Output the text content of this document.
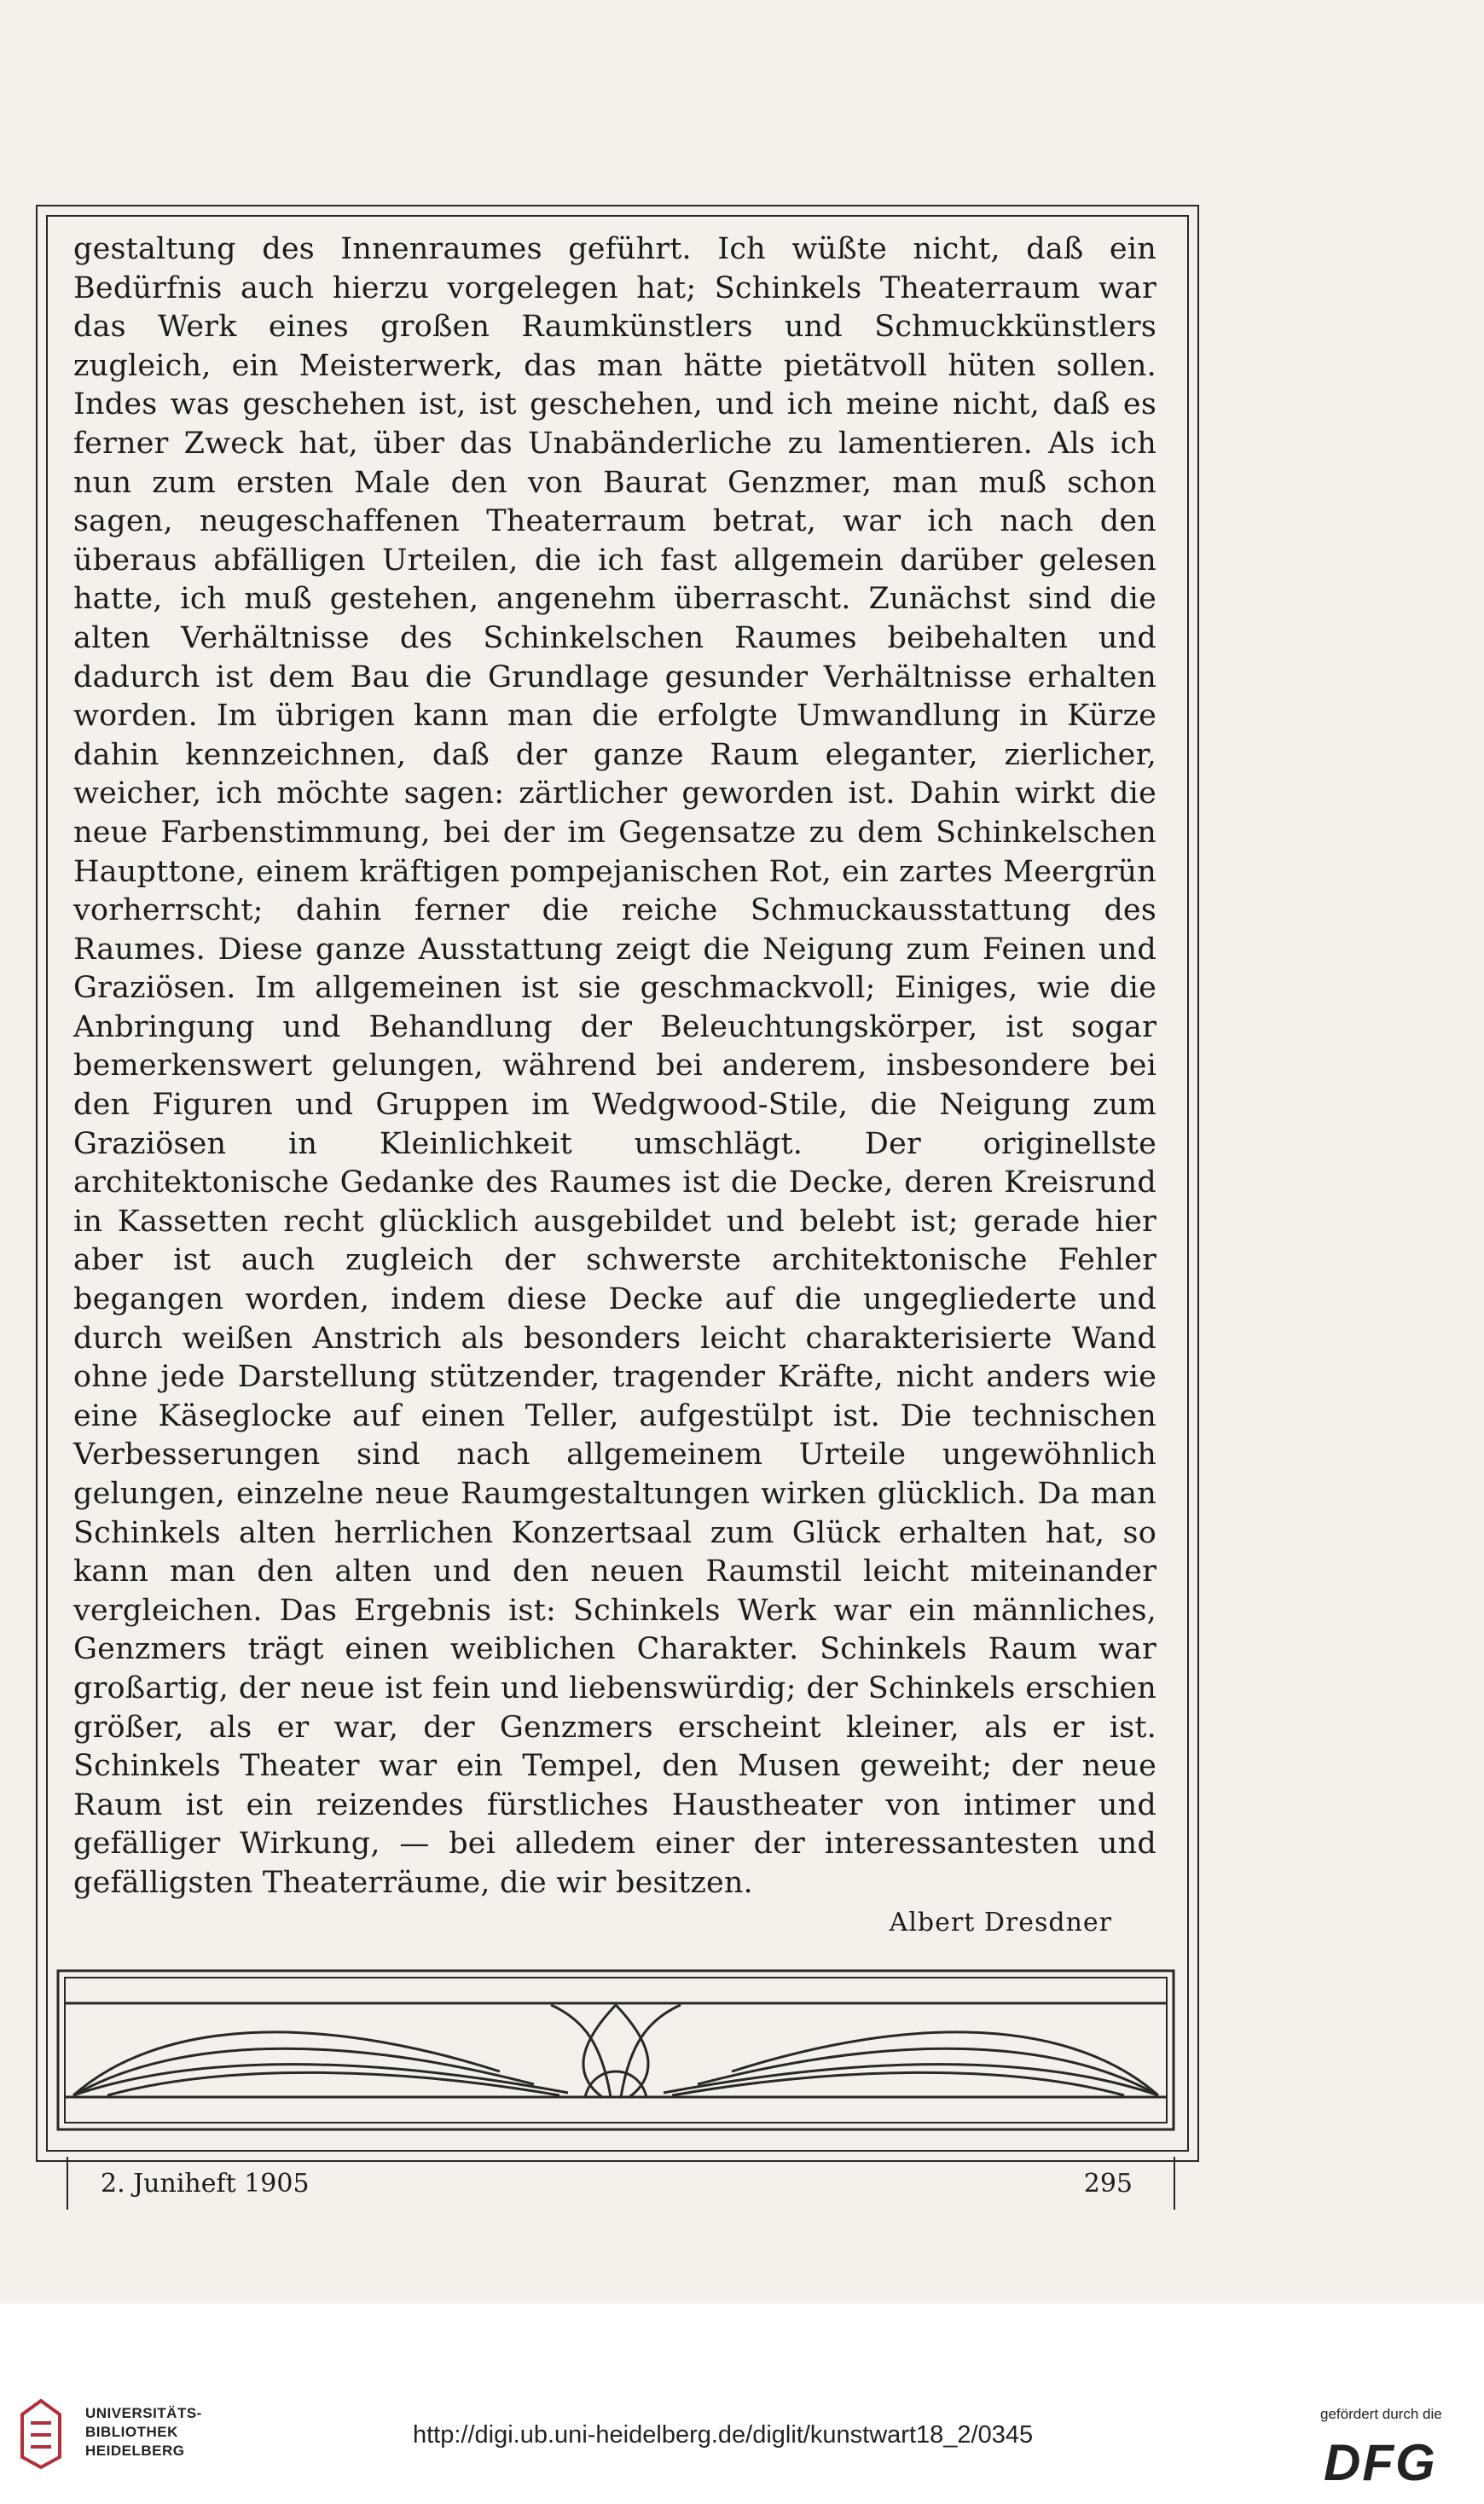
gestaltung des Innenraumes geführt. Ich wüßte nicht, daß ein Bedürfnis auch hierzu vorgelegen hat; Schinkels Theaterraum war das Werk eines großen Raumkünstlers und Schmuckkünstlers zugleich, ein Meisterwerk, das man hätte pietätvoll hüten sollen. Indes was geschehen ist, ist geschehen, und ich meine nicht, daß es ferner Zweck hat, über das Unabänderliche zu lamentieren. Als ich nun zum ersten Male den von Baurat Genzmer, man muß schon sagen, neugeschaffenen Theaterraum betrat, war ich nach den überaus abfälligen Urteilen, die ich fast allgemein darüber gelesen hatte, ich muß gestehen, angenehm überrascht. Zunächst sind die alten Verhältnisse des Schinkelschen Raumes beibehalten und dadurch ist dem Bau die Grundlage gesunder Verhältnisse erhalten worden. Im übrigen kann man die erfolgte Umwandlung in Kürze dahin kennzeichnen, daß der ganze Raum eleganter, zierlicher, weicher, ich möchte sagen: zärtlicher geworden ist. Dahin wirkt die neue Farbenstimmung, bei der im Gegensatze zu dem Schinkelschen Haupttone, einem kräftigen pompejanischen Rot, ein zartes Meergrün vorherrscht; dahin ferner die reiche Schmuckausstattung des Raumes. Diese ganze Ausstattung zeigt die Neigung zum Feinen und Graziösen. Im allgemeinen ist sie geschmackvoll; Einiges, wie die Anbringung und Behandlung der Beleuchtungskörper, ist sogar bemerkenswert gelungen, während bei anderem, insbesondere bei den Figuren und Gruppen im Wedgwood-Stile, die Neigung zum Graziösen in Kleinlichkeit umschlägt. Der originellste architektonische Gedanke des Raumes ist die Decke, deren Kreisrund in Kassetten recht glücklich ausgebildet und belebt ist; gerade hier aber ist auch zugleich der schwerste architektonische Fehler begangen worden, indem diese Decke auf die ungegliederte und durch weißen Anstrich als besonders leicht charakterisierte Wand ohne jede Darstellung stützender, tragender Kräfte, nicht anders wie eine Käseglocke auf einen Teller, aufgestülpt ist. Die technischen Verbesserungen sind nach allgemeinem Urteile ungewöhnlich gelungen, einzelne neue Raumgestaltungen wirken glücklich. Da man Schinkels alten herrlichen Konzertsaal zum Glück erhalten hat, so kann man den alten und den neuen Raumstil leicht miteinander vergleichen. Das Ergebnis ist: Schinkels Werk war ein männliches, Genzmers trägt einen weiblichen Charakter. Schinkels Raum war großartig, der neue ist fein und liebenswürdig; der Schinkels erschien größer, als er war, der Genzmers erscheint kleiner, als er ist. Schinkels Theater war ein Tempel, den Musen geweiht; der neue Raum ist ein reizendes fürstliches Haustheater von intimer und gefälliger Wirkung, — bei alledem einer der interessantesten und gefälligsten Theaterräume, die wir besitzen.

Albert Dresdner
2. Juniheft 1905	295
UNIVERSITÄTS-
BIBLIOTHEK
HEIDELBERG
http://digi.ub.uni-heidelberg.de/diglit/kunstwart18_2/0345
gefördert durch die
DFG
